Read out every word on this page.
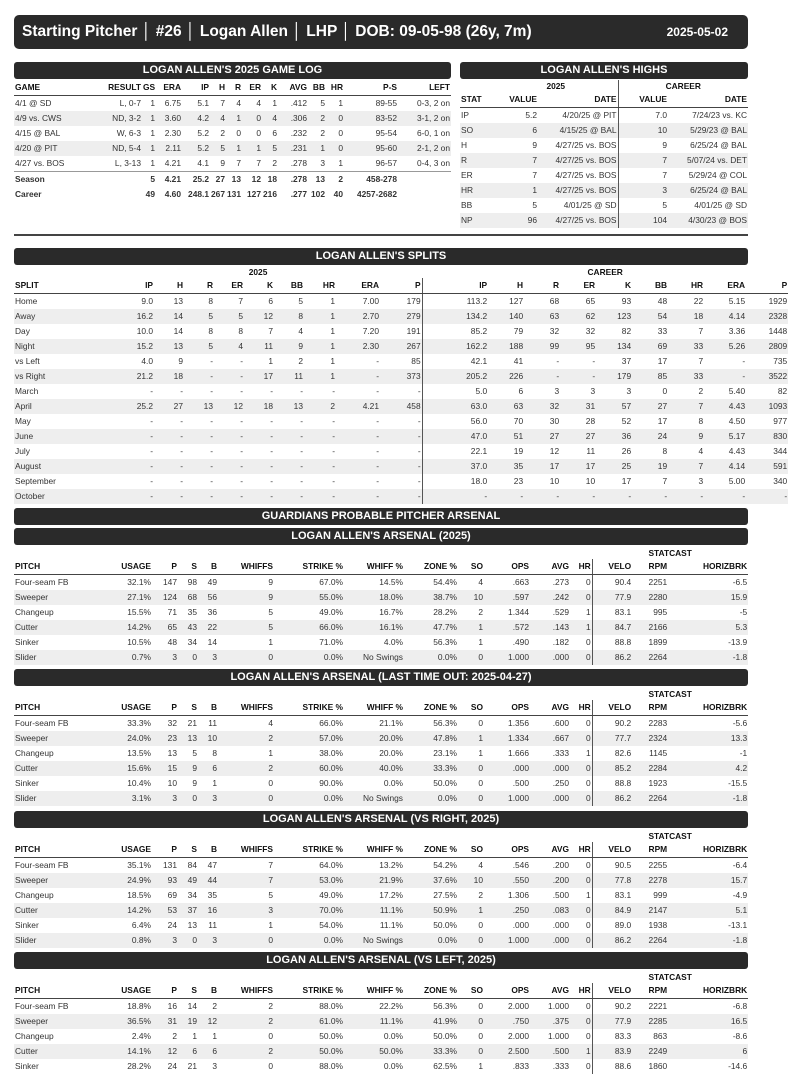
Starting Pitcher │ #26 │ Logan Allen │ LHP │ DOB: 09-05-98 (26y, 7m)	2025-05-02
LOGAN ALLEN'S 2025 GAME LOG
GAME	RESULT	GS	ERA	IP	H	R	ER	K	AVG	BB	HR	P-S	LEFT
4/1 @ SD	L, 0-7	1	6.75	5.1	7	4	4	1	.412	5	1	89-55	0-3, 2 on
4/9 vs. CWS	ND, 3-2	1	3.60	4.2	4	1	0	4	.306	2	0	83-52	3-1, 2 on
4/15 @ BAL	W, 6-3	1	2.30	5.2	2	0	0	6	.232	2	0	95-54	6-0, 1 on
4/20 @ PIT	ND, 5-4	1	2.11	5.2	5	1	1	5	.231	1	0	95-60	2-1, 2 on
4/27 vs. BOS	L, 3-13	1	4.21	4.1	9	7	7	2	.278	3	1	96-57	0-4, 3 on
Season		5	4.21	25.2	27	13	12	18	.278	13	2	458-278	
Career		49	4.60	248.1	267	131	127	216	.277	102	40	4257-2682	
LOGAN ALLEN'S HIGHS
	2025		CAREER	
STAT	VALUE	DATE	VALUE	DATE
IP	5.2	4/20/25 @ PIT	7.0	7/24/23 vs. KC
SO	6	4/15/25 @ BAL	10	5/29/23 @ BAL
H	9	4/27/25 vs. BOS	9	6/25/24 @ BAL
R	7	4/27/25 vs. BOS	7	5/07/24 vs. DET
ER	7	4/27/25 vs. BOS	7	5/29/24 @ COL
HR	1	4/27/25 vs. BOS	3	6/25/24 @ BAL
BB	5	4/01/25 @ SD	5	4/01/25 @ SD
NP	96	4/27/25 vs. BOS	104	4/30/23 @ BOS
LOGAN ALLEN'S SPLITS
	2025									CAREER								
SPLIT	IP	H	R	ER	K	BB	HR	ERA	P	IP	H	R	ER	K	BB	HR	ERA	P
Home	9.0	13	8	7	6	5	1	7.00	179	113.2	127	68	65	93	48	22	5.15	1929
Away	16.2	14	5	5	12	8	1	2.70	279	134.2	140	63	62	123	54	18	4.14	2328
Day	10.0	14	8	8	7	4	1	7.20	191	85.2	79	32	32	82	33	7	3.36	1448
Night	15.2	13	5	4	11	9	1	2.30	267	162.2	188	99	95	134	69	33	5.26	2809
vs Left	4.0	9	-	-	1	2	1	-	85	42.1	41	-	-	37	17	7	-	735
vs Right	21.2	18	-	-	17	11	1	-	373	205.2	226	-	-	179	85	33	-	3522
March	-	-	-	-	-	-	-	-	-	5.0	6	3	3	3	0	2	5.40	82
April	25.2	27	13	12	18	13	2	4.21	458	63.0	63	32	31	57	27	7	4.43	1093
May	-	-	-	-	-	-	-	-	-	56.0	70	30	28	52	17	8	4.50	977
June	-	-	-	-	-	-	-	-	-	47.0	51	27	27	36	24	9	5.17	830
July	-	-	-	-	-	-	-	-	-	22.1	19	12	11	26	8	4	4.43	344
August	-	-	-	-	-	-	-	-	-	37.0	35	17	17	25	19	7	4.14	591
September	-	-	-	-	-	-	-	-	-	18.0	23	10	10	17	7	3	5.00	340
October	-	-	-	-	-	-	-	-	-	-	-	-	-	-	-	-	-	-
GUARDIANS PROBABLE PITCHER ARSENAL
LOGAN ALLEN'S ARSENAL (2025)
													STATCAST		
PITCH	USAGE	P	S	B	WHIFFS	STRIKE %	WHIFF %	ZONE %	SO	OPS	AVG	HR	VELO	RPM	HORIZBRK
Four-seam FB	32.1%	147	98	49	9	67.0%	14.5%	54.4%	4	.663	.273	0	90.4	2251	-6.5
Sweeper	27.1%	124	68	56	9	55.0%	18.0%	38.7%	10	.597	.242	0	77.9	2280	15.9
Changeup	15.5%	71	35	36	5	49.0%	16.7%	28.2%	2	1.344	.529	1	83.1	995	-5
Cutter	14.2%	65	43	22	5	66.0%	16.1%	47.7%	1	.572	.143	1	84.7	2166	5.3
Sinker	10.5%	48	34	14	1	71.0%	4.0%	56.3%	1	.490	.182	0	88.8	1899	-13.9
Slider	0.7%	3	0	3	0	0.0%	No Swings	0.0%	0	1.000	.000	0	86.2	2264	-1.8
LOGAN ALLEN'S ARSENAL (LAST TIME OUT: 2025-04-27)
													STATCAST		
PITCH	USAGE	P	S	B	WHIFFS	STRIKE %	WHIFF %	ZONE %	SO	OPS	AVG	HR	VELO	RPM	HORIZBRK
Four-seam FB	33.3%	32	21	11	4	66.0%	21.1%	56.3%	0	1.356	.600	0	90.2	2283	-5.6
Sweeper	24.0%	23	13	10	2	57.0%	20.0%	47.8%	1	1.334	.667	0	77.7	2324	13.3
Changeup	13.5%	13	5	8	1	38.0%	20.0%	23.1%	1	1.666	.333	1	82.6	1145	-1
Cutter	15.6%	15	9	6	2	60.0%	40.0%	33.3%	0	.000	.000	0	85.2	2284	4.2
Sinker	10.4%	10	9	1	0	90.0%	0.0%	50.0%	0	.500	.250	0	88.8	1923	-15.5
Slider	3.1%	3	0	3	0	0.0%	No Swings	0.0%	0	1.000	.000	0	86.2	2264	-1.8
LOGAN ALLEN'S ARSENAL (VS RIGHT, 2025)
													STATCAST		
PITCH	USAGE	P	S	B	WHIFFS	STRIKE %	WHIFF %	ZONE %	SO	OPS	AVG	HR	VELO	RPM	HORIZBRK
Four-seam FB	35.1%	131	84	47	7	64.0%	13.2%	54.2%	4	.546	.200	0	90.5	2255	-6.4
Sweeper	24.9%	93	49	44	7	53.0%	21.9%	37.6%	10	.550	.200	0	77.8	2278	15.7
Changeup	18.5%	69	34	35	5	49.0%	17.2%	27.5%	2	1.306	.500	1	83.1	999	-4.9
Cutter	14.2%	53	37	16	3	70.0%	11.1%	50.9%	1	.250	.083	0	84.9	2147	5.1
Sinker	6.4%	24	13	11	1	54.0%	11.1%	50.0%	0	.000	.000	0	89.0	1938	-13.1
Slider	0.8%	3	0	3	0	0.0%	No Swings	0.0%	0	1.000	.000	0	86.2	2264	-1.8
LOGAN ALLEN'S ARSENAL (VS LEFT, 2025)
													STATCAST		
PITCH	USAGE	P	S	B	WHIFFS	STRIKE %	WHIFF %	ZONE %	SO	OPS	AVG	HR	VELO	RPM	HORIZBRK
Four-seam FB	18.8%	16	14	2	2	88.0%	22.2%	56.3%	0	2.000	1.000	0	90.2	2221	-6.8
Sweeper	36.5%	31	19	12	2	61.0%	11.1%	41.9%	0	.750	.375	0	77.9	2285	16.5
Changeup	2.4%	2	1	1	0	50.0%	0.0%	50.0%	0	2.000	1.000	0	83.3	863	-8.6
Cutter	14.1%	12	6	6	2	50.0%	50.0%	33.3%	0	2.500	.500	1	83.9	2249	6
Sinker	28.2%	24	21	3	0	88.0%	0.0%	62.5%	1	.833	.333	0	88.6	1860	-14.6
